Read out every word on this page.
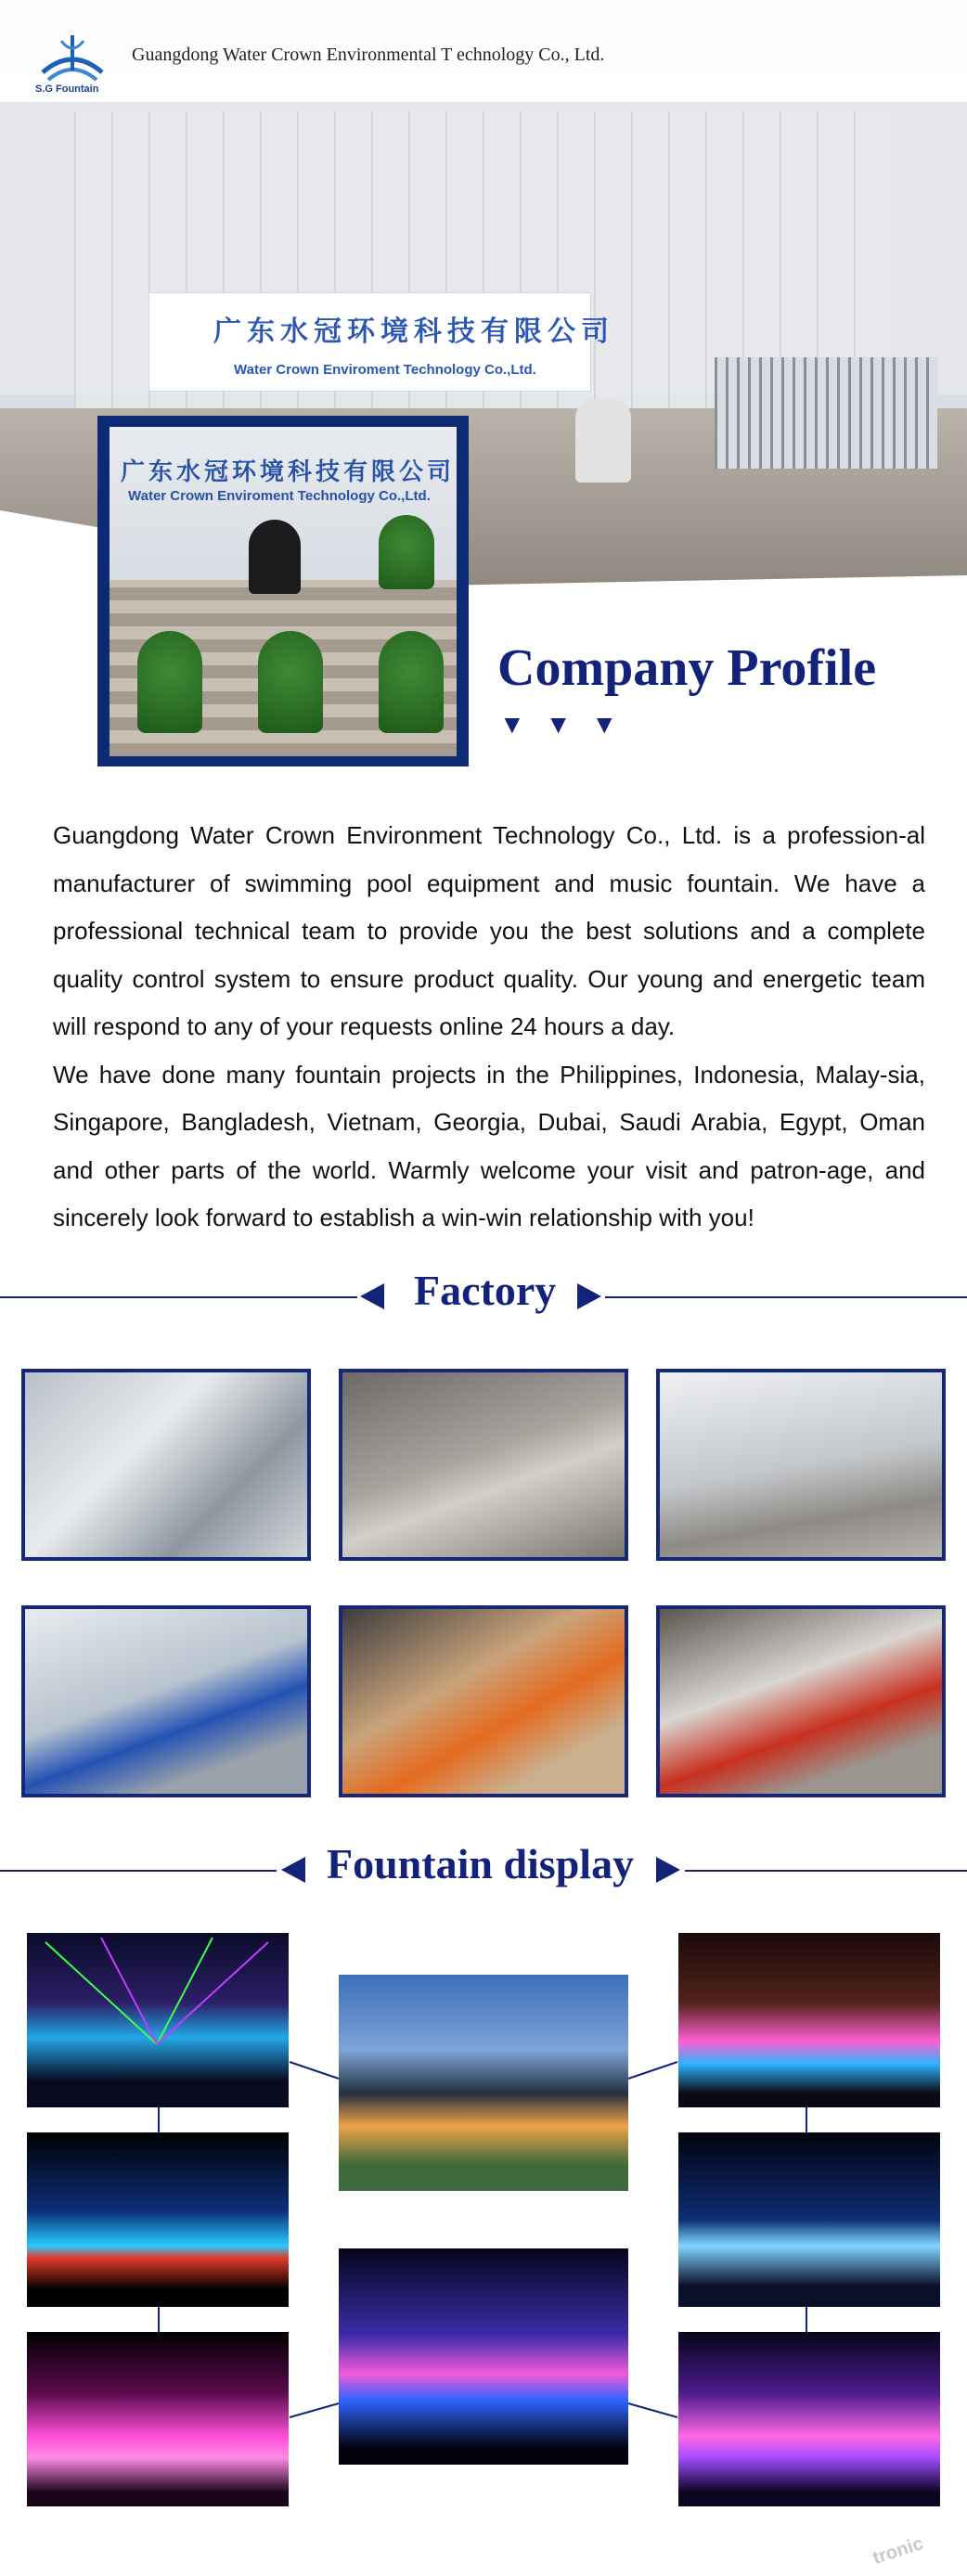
广东水冠环境科技有限公司
Water Crown Enviroment Technology Co.,Ltd.
S.G Fountain
Guangdong Water Crown Environmental T echnology Co., Ltd.
广东水冠环境科技有限公司
Water Crown Enviroment Technology Co.,Ltd.
Company Profile
▼▼▼

Guangdong Water Crown Environment Technology Co., Ltd. is a profession-al manufacturer of swimming pool equipment and music fountain. We have a professional technical team to provide you the best solutions and a complete quality control system to ensure product quality. Our young and energetic team will respond to any of your requests online 24 hours a day.

We have done many fountain projects in the Philippines, Indonesia, Malay-sia, Singapore, Bangladesh, Vietnam, Georgia, Dubai, Saudi Arabia, Egypt, Oman and other parts of the world. Warmly welcome your visit and patron-age, and sincerely look forward to establish a win-win relationship with you!

Factory
Fountain display
tronic
